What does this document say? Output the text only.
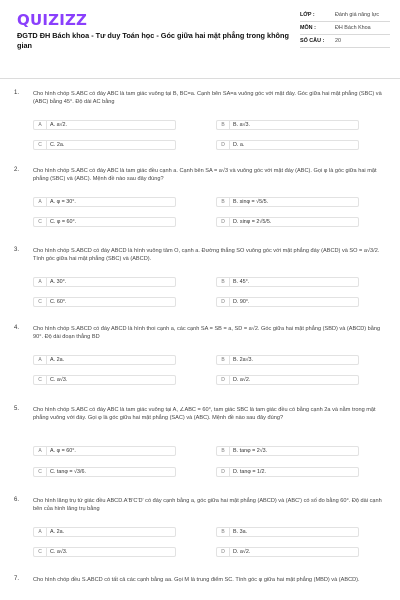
QUIZIZZ
ĐGTD ĐH Bách khoa - Tư duy Toán học - Góc giữa hai mặt phẳng trong không gian
LỚP :	Đánh giá năng lực
MÔN :	ĐH Bách Khoa
SỐ CÂU :	20
1. Cho hình chóp S.ABC có đáy ABC là tam giác vuông tại B, BC=a. Cạnh bên SA=a vuông góc với mặt đáy. Góc giữa hai mặt phẳng (SBC) và (ABC) bằng 45°. Độ dài AC bằng
A	A. a√2.	B	B. a√3.
C	C. 2a.	D	D. a.
2. Cho hình chóp S.ABC có đáy ABC là tam giác đều cạnh a. Cạnh bên SA = a√3 và vuông góc với mặt đáy (ABC). Gọi φ là góc giữa hai mặt phẳng (SBC) và (ABC). Mệnh đề nào sau đây đúng?
A	A. φ = 30°.	B	B. sinφ = √5/5.
C	C. φ = 60°.	D	D. sinφ = 2√5/5.
3. Cho hình chóp S.ABCD có đáy ABCD là hình vuông tâm O, cạnh a. Đường thẳng SO vuông góc với mặt phẳng đáy (ABCD) và SO = a√3/2. Tính góc giữa hai mặt phẳng (SBC) và (ABCD).
A	A. 30°.	B	B. 45°.
C	C. 60°.	D	D. 90°.
4. Cho hình chóp S.ABCD có đáy ABCD là hình thoi cạnh a, các cạnh SA = SB = a, SD = a√2. Góc giữa hai mặt phẳng (SBD) và (ABCD) bằng 90°. Độ dài đoạn thẳng BD
A	A. 2a.	B	B. 2a√3.
C	C. a√3.	D	D. a√2.
5. Cho hình chóp S.ABC có đáy ABC là tam giác vuông tại A, ∠ABC = 60°, tam giác SBC là tam giác đều có bằng cạnh 2a và nằm trong mặt phẳng vuông với đáy. Gọi φ là góc giữa hai mặt phẳng (SAC) và (ABC). Mệnh đề nào sau đây đúng?
A	A. φ = 60°.	B	B. tanφ = 2√3.
C	C. tanφ = √3/6.	D	D. tanφ = 1/2.
6. Cho hình lăng trụ tứ giác đều ABCD.A'B'C'D' có đáy cạnh bằng a, góc giữa hai mặt phẳng (ABCD) và (ABC') có số đo bằng 60°. Độ dài cạnh bên của hình lăng trụ bằng
A	A. 2a.	B	B. 3a.
C	C. a√3.	D	D. a√2.
7. Cho hình chóp đều S.ABCD có tất cả các cạnh bằng aa. Gọi M là trung điểm SC. Tính góc φ giữa hai mặt phẳng (MBD) và (ABCD).
